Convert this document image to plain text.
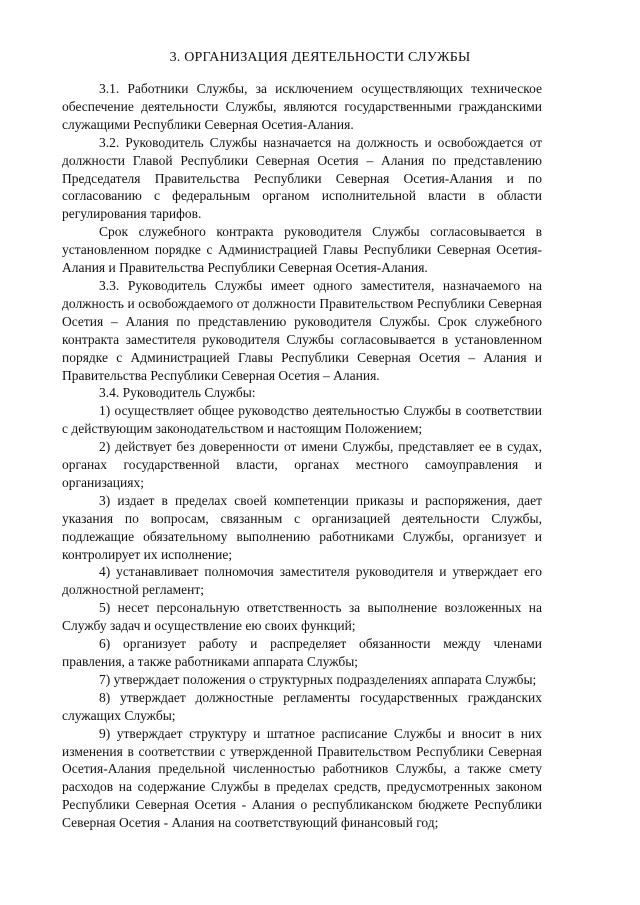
3. ОРГАНИЗАЦИЯ ДЕЯТЕЛЬНОСТИ СЛУЖБЫ

3.1. Работники Службы, за исключением осуществляющих техническое обеспечение деятельности Службы, являются государственными гражданскими служащими Республики Северная Осетия-Алания.

3.2. Руководитель Службы назначается на должность и освобождается от должности Главой Республики Северная Осетия – Алания по представлению Председателя Правительства Республики Северная Осетия-Алания и по согласованию с федеральным органом исполнительной власти в области регулирования тарифов.

Срок служебного контракта руководителя Службы согласовывается в установленном порядке с Администрацией Главы Республики Северная Осетия-Алания и Правительства Республики Северная Осетия-Алания.

3.3. Руководитель Службы имеет одного заместителя, назначаемого на должность и освобождаемого от должности Правительством Республики Северная Осетия – Алания по представлению руководителя Службы. Срок служебного контракта заместителя руководителя Службы согласовывается в установленном порядке с Администрацией Главы Республики Северная Осетия – Алания и Правительства Республики Северная Осетия – Алания.

3.4. Руководитель Службы:

1) осуществляет общее руководство деятельностью Службы в соответствии с действующим законодательством и настоящим Положением;

2) действует без доверенности от имени Службы, представляет ее в судах, органах государственной власти, органах местного самоуправления и организациях;

3) издает в пределах своей компетенции приказы и распоряжения, дает указания по вопросам, связанным с организацией деятельности Службы, подлежащие обязательному выполнению работниками Службы, организует и контролирует их исполнение;

4) устанавливает полномочия заместителя руководителя и утверждает его должностной регламент;

5) несет персональную ответственность за выполнение возложенных на Службу задач и осуществление ею своих функций;

6) организует работу и распределяет обязанности между членами правления, а также работниками аппарата Службы;

7) утверждает положения о структурных подразделениях аппарата Службы;

8) утверждает должностные регламенты государственных гражданских служащих Службы;

9) утверждает структуру и штатное расписание Службы и вносит в них изменения в соответствии с утвержденной Правительством Республики Северная Осетия-Алания предельной численностью работников Службы, а также смету расходов на содержание Службы в пределах средств, предусмотренных законом Республики Северная Осетия - Алания о республиканском бюджете Республики Северная Осетия - Алания на соответствующий финансовый год;
